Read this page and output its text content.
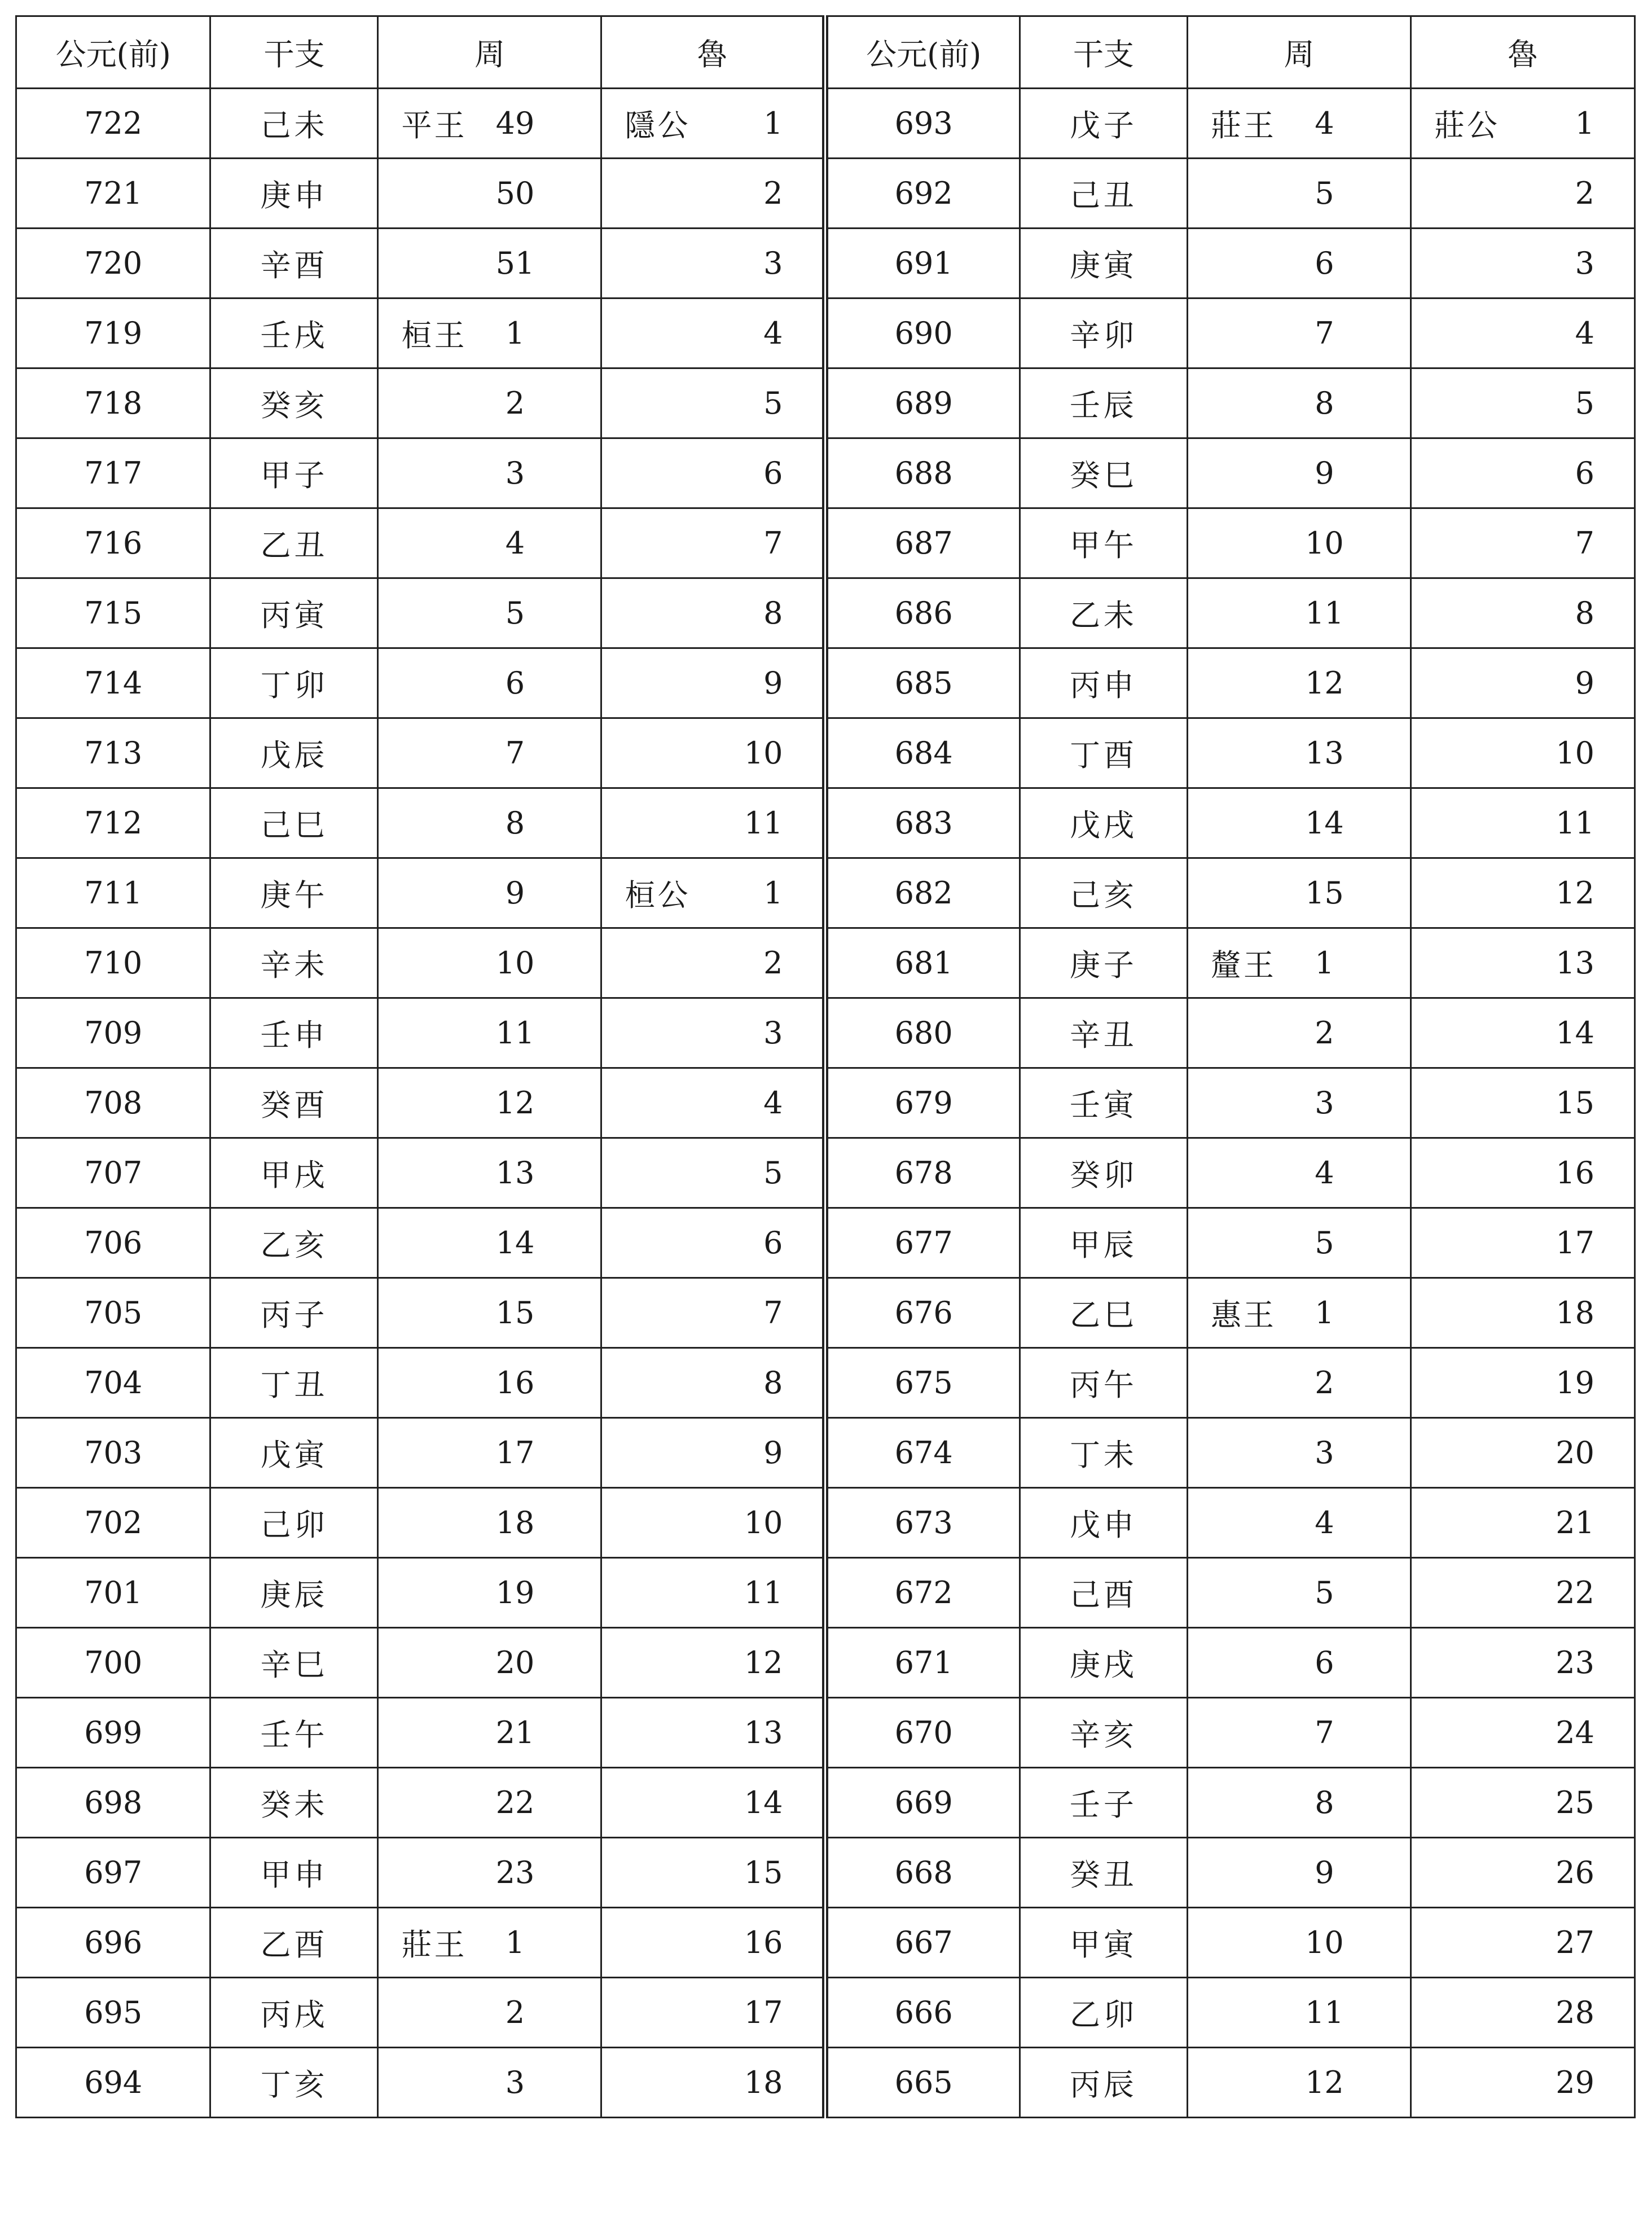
公元(前)	干支	周	魯	公元(前)	干支	周	魯
722	己未	平王 49	隱公 1	693	戊子	莊王 4	莊公 1

721	庚申	50	2	692	己丑	5	2

720	辛酉	51	3	691	庚寅	6	3

719	壬戌	桓王 1	4	690	辛卯	7	4

718	癸亥	2	5	689	壬辰	8	5

717	甲子	3	6	688	癸巳	9	6

716	乙丑	4	7	687	甲午	10	7

715	丙寅	5	8	686	乙未	11	8

714	丁卯	6	9	685	丙申	12	9

713	戊辰	7	10	684	丁酉	13	10

712	己巳	8	11	683	戊戌	14	11

711	庚午	9	桓公 1	682	己亥	15	12

710	辛未	10	2	681	庚子	釐王 1	13

709	壬申	11	3	680	辛丑	2	14

708	癸酉	12	4	679	壬寅	3	15

707	甲戌	13	5	678	癸卯	4	16

706	乙亥	14	6	677	甲辰	5	17

705	丙子	15	7	676	乙巳	惠王 1	18

704	丁丑	16	8	675	丙午	2	19

703	戊寅	17	9	674	丁未	3	20

702	己卯	18	10	673	戊申	4	21

701	庚辰	19	11	672	己酉	5	22

700	辛巳	20	12	671	庚戌	6	23

699	壬午	21	13	670	辛亥	7	24

698	癸未	22	14	669	壬子	8	25

697	甲申	23	15	668	癸丑	9	26

696	乙酉	莊王 1	16	667	甲寅	10	27

695	丙戌	2	17	666	乙卯	11	28

694	丁亥	3	18	665	丙辰	12	29
